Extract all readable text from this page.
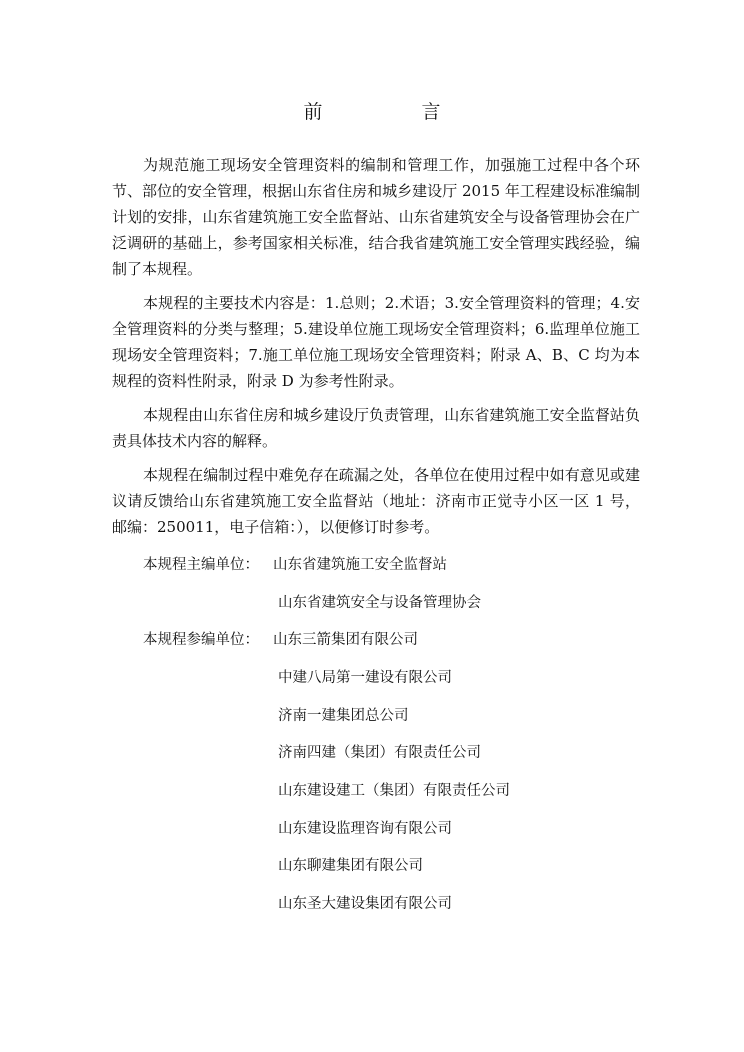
前　言

为规范施工现场安全管理资料的编制和管理工作，加强施工过程中各个环节、部位的安全管理，根据山东省住房和城乡建设厅 2015 年工程建设标准编制计划的安排，山东省建筑施工安全监督站、山东省建筑安全与设备管理协会在广泛调研的基础上，参考国家相关标准，结合我省建筑施工安全管理实践经验，编制了本规程。

本规程的主要技术内容是：1.总则；2.术语；3.安全管理资料的管理；4.安全管理资料的分类与整理；5.建设单位施工现场安全管理资料；6.监理单位施工现场安全管理资料；7.施工单位施工现场安全管理资料；附录 A、B、C 均为本规程的资料性附录，附录 D 为参考性附录。

本规程由山东省住房和城乡建设厅负责管理，山东省建筑施工安全监督站负责具体技术内容的解释。

本规程在编制过程中难免存在疏漏之处，各单位在使用过程中如有意见或建议请反馈给山东省建筑施工安全监督站（地址：济南市正觉寺小区一区 1 号，邮编：250011，电子信箱：），以便修订时参考。

本规程主编单位： 山东省建筑施工安全监督站

山东省建筑安全与设备管理协会

本规程参编单位： 山东三箭集团有限公司

中建八局第一建设有限公司

济南一建集团总公司

济南四建（集团）有限责任公司

山东建设建工（集团）有限责任公司

山东建设监理咨询有限公司

山东聊建集团有限公司

山东圣大建设集团有限公司
